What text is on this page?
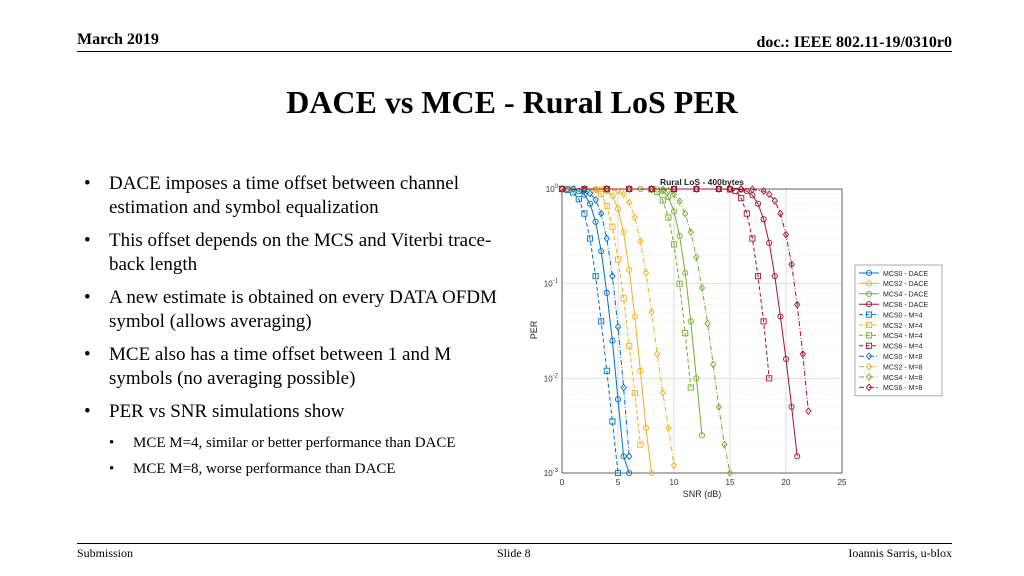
March 2019	doc.: IEEE 802.11-19/0310r0
DACE vs MCE - Rural LoS PER
• DACE imposes a time offset between channel estimation and symbol equalization
• This offset depends on the MCS and Viterbi trace-back length
• A new estimate is obtained on every DATA OFDM symbol (allows averaging)
• MCE also has a time offset between 1 and M symbols (no averaging possible)
• PER vs SNR simulations show
• MCE M=4, similar or better performance than DACE
• MCE M=8, worse performance than DACE
0	5	10	15	20	25
$10^0$
$10^{-1}$
$10^{-2}$
$10^{-3}$
Rural LoS - 400bytes
SNR (dB)
PER
MCS0 - DACE
MCS2 - DACE
MCS4 - DACE
MCS6 - DACE
MCS0 - M=4
MCS2 - M=4
MCS4 - M=4
MCS6 - M=4
MCS0 - M=8
MCS2 - M=8
MCS4 - M=8
MCS6 - M=8
Submission	Slide 8	Ioannis Sarris, u-blox
